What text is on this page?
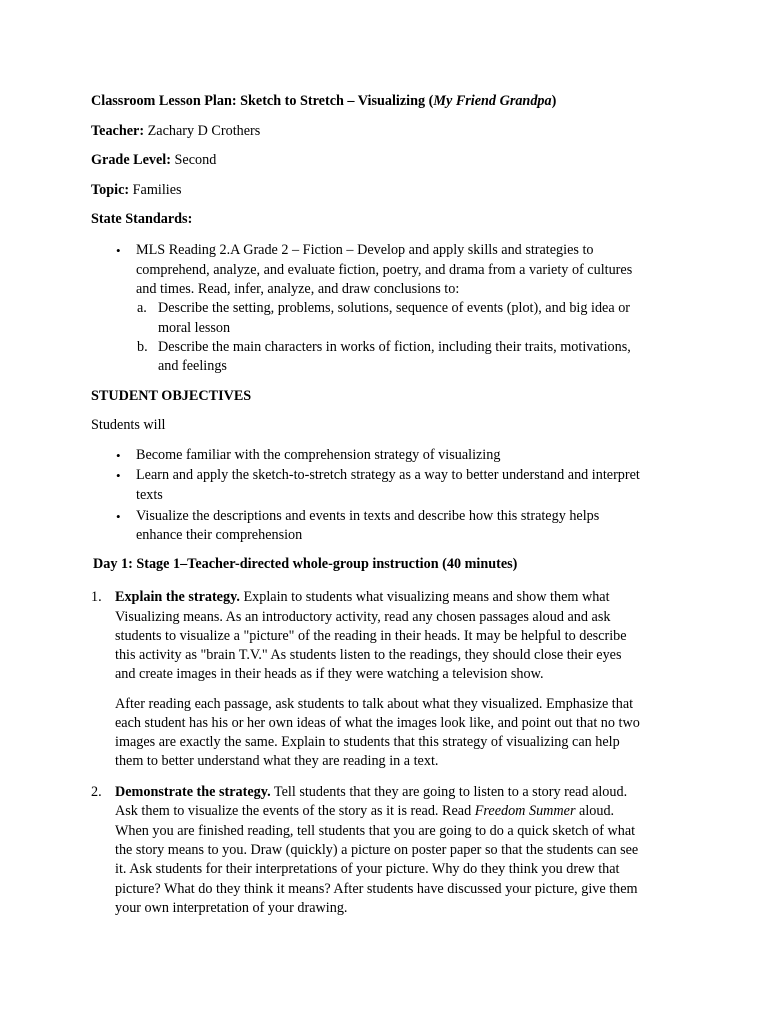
Classroom Lesson Plan: Sketch to Stretch – Visualizing (My Friend Grandpa)
Teacher: Zachary D Crothers
Grade Level: Second
Topic: Families
State Standards:
• MLS Reading 2.A Grade 2 – Fiction – Develop and apply skills and strategies to
comprehend, analyze, and evaluate fiction, poetry, and drama from a variety of cultures
and times. Read, infer, analyze, and draw conclusions to:
a. Describe the setting, problems, solutions, sequence of events (plot), and big idea or
moral lesson
b. Describe the main characters in works of fiction, including their traits, motivations,
and feelings
STUDENT OBJECTIVES
Students will
• Become familiar with the comprehension strategy of visualizing
• Learn and apply the sketch-to-stretch strategy as a way to better understand and interpret
texts
• Visualize the descriptions and events in texts and describe how this strategy helps
enhance their comprehension
Day 1: Stage 1–Teacher-directed whole-group instruction (40 minutes)
1. Explain the strategy. Explain to students what visualizing means and show them what
Visualizing means. As an introductory activity, read any chosen passages aloud and ask
students to visualize a "picture" of the reading in their heads. It may be helpful to describe
this activity as "brain T.V." As students listen to the readings, they should close their eyes
and create images in their heads as if they were watching a television show.
After reading each passage, ask students to talk about what they visualized. Emphasize that
each student has his or her own ideas of what the images look like, and point out that no two
images are exactly the same. Explain to students that this strategy of visualizing can help
them to better understand what they are reading in a text.
2. Demonstrate the strategy. Tell students that they are going to listen to a story read aloud.
Ask them to visualize the events of the story as it is read. Read Freedom Summer aloud.
When you are finished reading, tell students that you are going to do a quick sketch of what
the story means to you. Draw (quickly) a picture on poster paper so that the students can see
it. Ask students for their interpretations of your picture. Why do they think you drew that
picture? What do they think it means? After students have discussed your picture, give them
your own interpretation of your drawing.
